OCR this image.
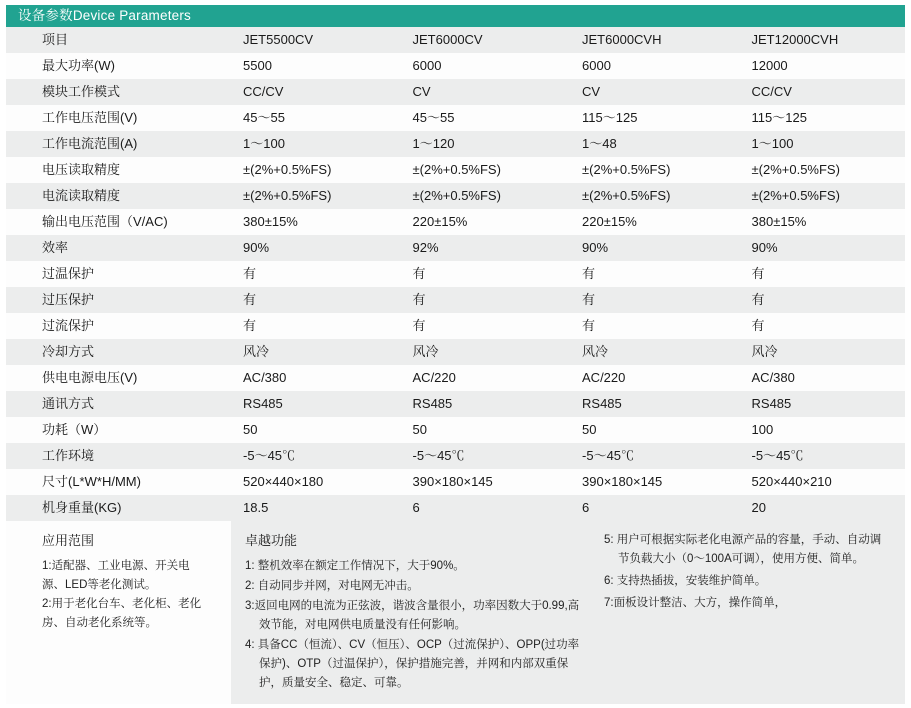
设备参数Device Parameters
项目	JET5500CV	JET6000CV	JET6000CVH	JET12000CVH

最大功率(W)	5500	6000	6000	12000

模块工作模式	CC/CV	CV	CV	CC/CV

工作电压范围(V)	45～55	45～55	115～125	115～125

工作电流范围(A)	1～100	1～120	1～48	1～100

电压读取精度	±(2%+0.5%FS)	±(2%+0.5%FS)	±(2%+0.5%FS)	±(2%+0.5%FS)

电流读取精度	±(2%+0.5%FS)	±(2%+0.5%FS)	±(2%+0.5%FS)	±(2%+0.5%FS)

输出电压范围（V/AC)	380±15%	220±15%	220±15%	380±15%

效率	90%	92%	90%	90%

过温保护	有	有	有	有

过压保护	有	有	有	有

过流保护	有	有	有	有

冷却方式	风冷	风冷	风冷	风冷

供电电源电压(V)	AC/380	AC/220	AC/220	AC/380

通讯方式	RS485	RS485	RS485	RS485

功耗（W）	50	50	50	100

工作环境	-5～45℃	-5～45℃	-5～45℃	-5～45℃

尺寸(L*W*H/MM)	520×440×180	390×180×145	390×180×145	520×440×210

机身重量(KG)	18.5	6	6	20
应用范围
1:适配器、工业电源、开关电
源、LED等老化测试。
2:用于老化台车、老化柜、老化
房、自动老化系统等。
卓越功能
1: 整机效率在额定工作情况下，大于90%。
2: 自动同步并网，对电网无冲击。
3:返回电网的电流为正弦波，谐波含量很小，功率因数大于0.99,高效节能，对电网供电质量没有任何影响。
4: 具备CC（恒流）、CV（恒压）、OCP（过流保护）、OPP(过功率保护)、OTP（过温保护），保护措施完善，并网和内部双重保护，质量安全、稳定、可靠。
5: 用户可根据实际老化电源产品的容量，手动、自动调节负载大小（0～100A可调），使用方便、简单。
6: 支持热插拔，安装维护简单。
7:面板设计整洁、大方，操作简单，
